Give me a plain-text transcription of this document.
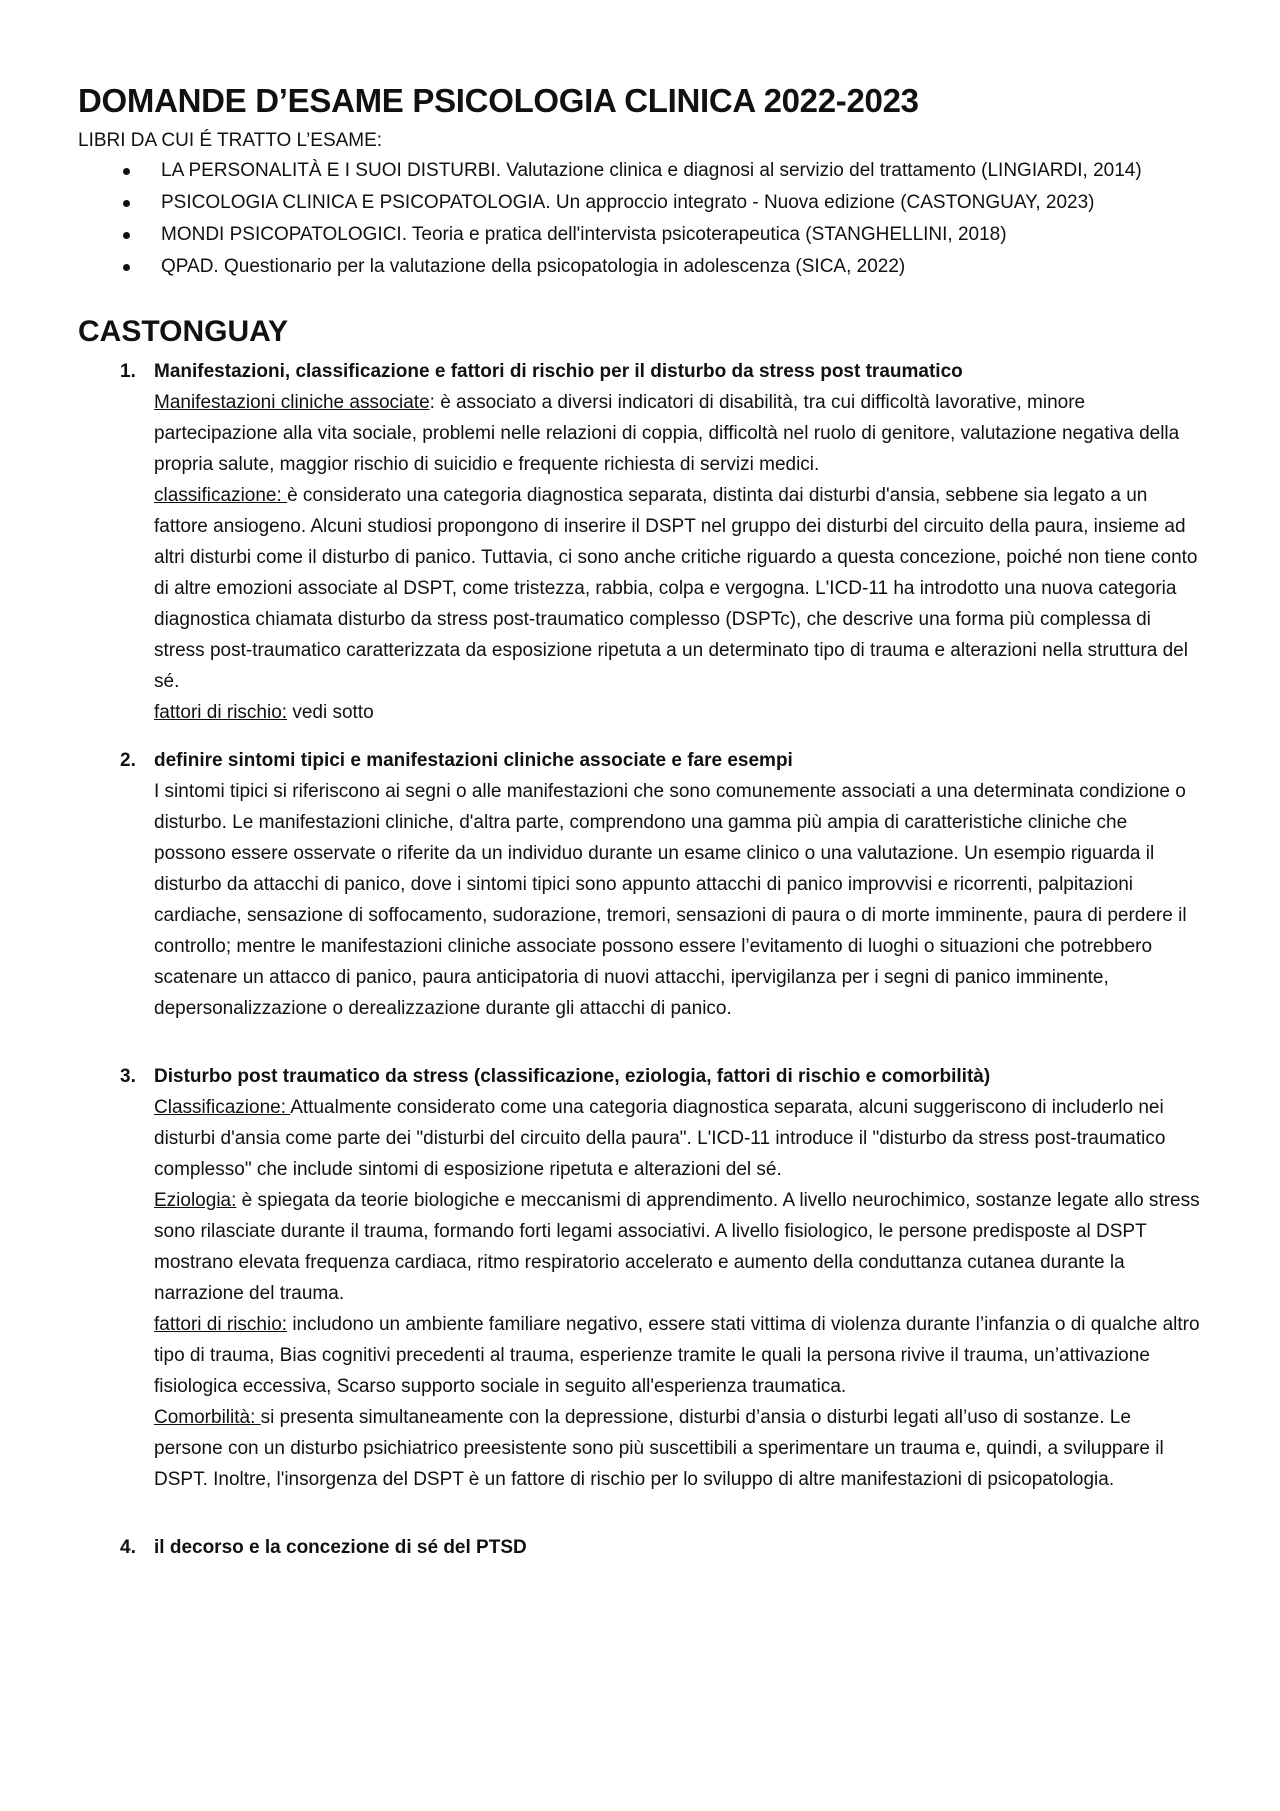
DOMANDE D’ESAME PSICOLOGIA CLINICA 2022-2023
LIBRI DA CUI É TRATTO L’ESAME:
LA PERSONALITÀ E I SUOI DISTURBI. Valutazione clinica e diagnosi al servizio del trattamento (LINGIARDI, 2014)
PSICOLOGIA CLINICA E PSICOPATOLOGIA. Un approccio integrato - Nuova edizione (CASTONGUAY, 2023)
MONDI PSICOPATOLOGICI. Teoria e pratica dell'intervista psicoterapeutica (STANGHELLINI, 2018)
QPAD. Questionario per la valutazione della psicopatologia in adolescenza (SICA, 2022)
CASTONGUAY
1. Manifestazioni, classificazione e fattori di rischio per il disturbo da stress post traumatico

Manifestazioni cliniche associate: è associato a diversi indicatori di disabilità, tra cui difficoltà lavorative, minore partecipazione alla vita sociale, problemi nelle relazioni di coppia, difficoltà nel ruolo di genitore, valutazione negativa della propria salute, maggior rischio di suicidio e frequente richiesta di servizi medici.

classificazione: è considerato una categoria diagnostica separata, distinta dai disturbi d'ansia, sebbene sia legato a un fattore ansiogeno. Alcuni studiosi propongono di inserire il DSPT nel gruppo dei disturbi del circuito della paura, insieme ad altri disturbi come il disturbo di panico. Tuttavia, ci sono anche critiche riguardo a questa concezione, poiché non tiene conto di altre emozioni associate al DSPT, come tristezza, rabbia, colpa e vergogna. L'ICD-11 ha introdotto una nuova categoria diagnostica chiamata disturbo da stress post-traumatico complesso (DSPTc), che descrive una forma più complessa di stress post-traumatico caratterizzata da esposizione ripetuta a un determinato tipo di trauma e alterazioni nella struttura del sé.

fattori di rischio: vedi sotto

2. definire sintomi tipici e manifestazioni cliniche associate e fare esempi

I sintomi tipici si riferiscono ai segni o alle manifestazioni che sono comunemente associati a una determinata condizione o disturbo. Le manifestazioni cliniche, d'altra parte, comprendono una gamma più ampia di caratteristiche cliniche che possono essere osservate o riferite da un individuo durante un esame clinico o una valutazione. Un esempio riguarda il disturbo da attacchi di panico, dove i sintomi tipici sono appunto attacchi di panico improvvisi e ricorrenti, palpitazioni cardiache, sensazione di soffocamento, sudorazione, tremori, sensazioni di paura o di morte imminente, paura di perdere il controllo; mentre le manifestazioni cliniche associate possono essere l’evitamento di luoghi o situazioni che potrebbero scatenare un attacco di panico, paura anticipatoria di nuovi attacchi, ipervigilanza per i segni di panico imminente, depersonalizzazione o derealizzazione durante gli attacchi di panico.

3. Disturbo post traumatico da stress (classificazione, eziologia, fattori di rischio e comorbilità)

Classificazione: Attualmente considerato come una categoria diagnostica separata, alcuni suggeriscono di includerlo nei disturbi d'ansia come parte dei "disturbi del circuito della paura". L'ICD-11 introduce il "disturbo da stress post-traumatico complesso" che include sintomi di esposizione ripetuta e alterazioni del sé.

Eziologia: è spiegata da teorie biologiche e meccanismi di apprendimento. A livello neurochimico, sostanze legate allo stress sono rilasciate durante il trauma, formando forti legami associativi. A livello fisiologico, le persone predisposte al DSPT mostrano elevata frequenza cardiaca, ritmo respiratorio accelerato e aumento della conduttanza cutanea durante la narrazione del trauma.

fattori di rischio: includono un ambiente familiare negativo, essere stati vittima di violenza durante l’infanzia o di qualche altro tipo di trauma, Bias cognitivi precedenti al trauma, esperienze tramite le quali la persona rivive il trauma, un’attivazione fisiologica eccessiva, Scarso supporto sociale in seguito all'esperienza traumatica.

Comorbilità: si presenta simultaneamente con la depressione, disturbi d’ansia o disturbi legati all’uso di sostanze. Le persone con un disturbo psichiatrico preesistente sono più suscettibili a sperimentare un trauma e, quindi, a sviluppare il DSPT. Inoltre, l'insorgenza del DSPT è un fattore di rischio per lo sviluppo di altre manifestazioni di psicopatologia.

4. il decorso e la concezione di sé del PTSD
